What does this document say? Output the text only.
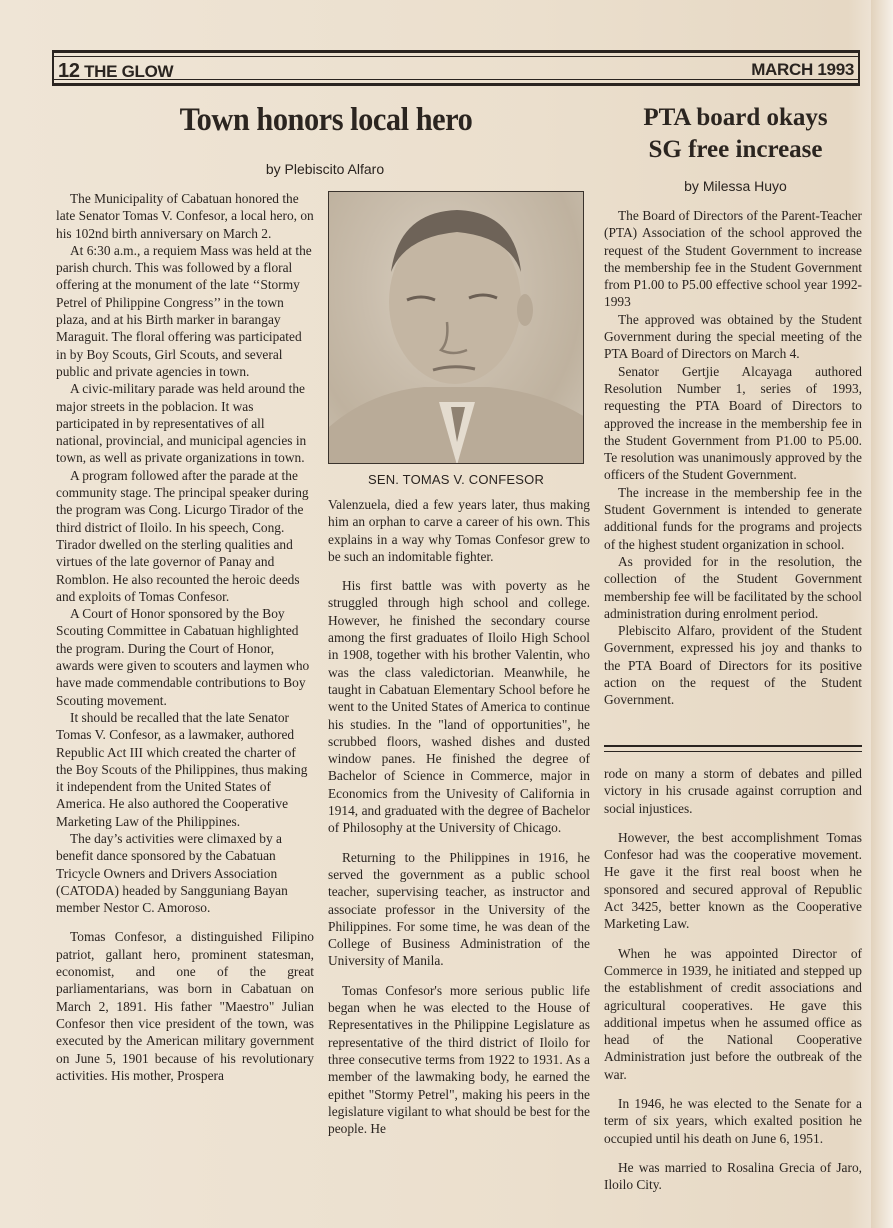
12 THE GLOW	MARCH 1993
Town honors local hero
by Plebiscito Alfaro
PTA board okays
SG free increase
by Milessa Huyo

The Municipality of Cabatuan honored the late Senator Tomas V. Confesor, a local hero, on his 102nd birth anniversary on March 2.

At 6:30 a.m., a requiem Mass was held at the parish church. This was followed by a floral offering at the monument of the late ‘‘Stormy Petrel of Philippine Congress’’ in the town plaza, and at his Birth marker in barangay Maraguit. The floral offering was participated in by Boy Scouts, Girl Scouts, and several public and private agencies in town.

A civic-military parade was held around the major streets in the poblacion. It was participated in by representatives of all national, provincial, and municipal agencies in town, as well as private organizations in town.

A program followed after the parade at the community stage. The principal speaker during the program was Cong. Licurgo Tirador of the third district of Iloilo. In his speech, Cong. Tirador dwelled on the sterling qualities and virtues of the late governor of Panay and Romblon. He also recounted the heroic deeds and exploits of Tomas Confesor.

A Court of Honor sponsored by the Boy Scouting Committee in Cabatuan highlighted the program. During the Court of Honor, awards were given to scouters and laymen who have made commendable contributions to Boy Scouting movement.

It should be recalled that the late Senator Tomas V. Confesor, as a lawmaker, authored Republic Act III which created the charter of the Boy Scouts of the Philippines, thus making it independent from the United States of America. He also authored the Cooperative Marketing Law of the Philippines.

The day’s activities were climaxed by a benefit dance sponsored by the Cabatuan Tricycle Owners and Drivers Association (CATODA) headed by Sangguniang Bayan member Nestor C. Amoroso.

Tomas Confesor, a distinguished Filipino patriot, gallant hero, prominent statesman, economist, and one of the great parliamentarians, was born in Cabatuan on March 2, 1891. His father "Maestro" Julian Confesor then vice president of the town, was executed by the American military government on June 5, 1901 because of his revolutionary activities. His mother, Prospera

SEN. TOMAS V. CONFESOR

Valenzuela, died a few years later, thus making him an orphan to carve a career of his own. This explains in a way why Tomas Confesor grew to be such an indomitable fighter.

His first battle was with poverty as he struggled through high school and college. However, he finished the secondary course among the first graduates of Iloilo High School in 1908, together with his brother Valentin, who was the class valedictorian. Meanwhile, he taught in Cabatuan Elementary School before he went to the United States of America to continue his studies. In the "land of opportunities", he scrubbed floors, washed dishes and dusted window panes. He finished the degree of Bachelor of Science in Commerce, major in Economics from the Univesity of California in 1914, and graduated with the degree of Bachelor of Philosophy at the University of Chicago.

Returning to the Philippines in 1916, he served the government as a public school teacher, supervising teacher, as instructor and associate professor in the University of the Philippines. For some time, he was dean of the College of Business Administration of the University of Manila.

Tomas Confesor's more serious public life began when he was elected to the House of Representatives in the Philippine Legislature as representative of the third district of Iloilo for three consecutive terms from 1922 to 1931. As a member of the lawmaking body, he earned the epithet "Stormy Petrel", making his peers in the legislature vigilant to what should be best for the people. He

The Board of Directors of the Parent-Teacher (PTA) Association of the school approved the request of the Student Government to increase the membership fee in the Student Government from P1.00 to P5.00 effective school year 1992-1993

The approved was obtained by the Student Government during the special meeting of the PTA Board of Directors on March 4.

Senator Gertjie Alcayaga authored Resolution Number 1, series of 1993, requesting the PTA Board of Directors to approved the increase in the membership fee in the Student Government from P1.00 to P5.00. Te resolution was unanimously approved by the officers of the Student Government.

The increase in the membership fee in the Student Government is intended to generate additional funds for the programs and projects of the highest student organization in school.

As provided for in the resolution, the collection of the Student Government membership fee will be facilitated by the school administration during enrolment period.

Plebiscito Alfaro, provident of the Student Government, expressed his joy and thanks to the PTA Board of Directors for its positive action on the request of the Student Government.

rode on many a storm of debates and pilled victory in his crusade against corruption and social injustices.

However, the best accomplishment Tomas Confesor had was the cooperative movement. He gave it the first real boost when he sponsored and secured approval of Republic Act 3425, better known as the Cooperative Marketing Law.

When he was appointed Director of Commerce in 1939, he initiated and stepped up the establishment of credit associations and agricultural cooperatives. He gave this additional impetus when he assumed office as head of the National Cooperative Administration just before the outbreak of the war.

In 1946, he was elected to the Senate for a term of six years, which exalted position he occupied until his death on June 6, 1951.

He was married to Rosalina Grecia of Jaro, Iloilo City.
